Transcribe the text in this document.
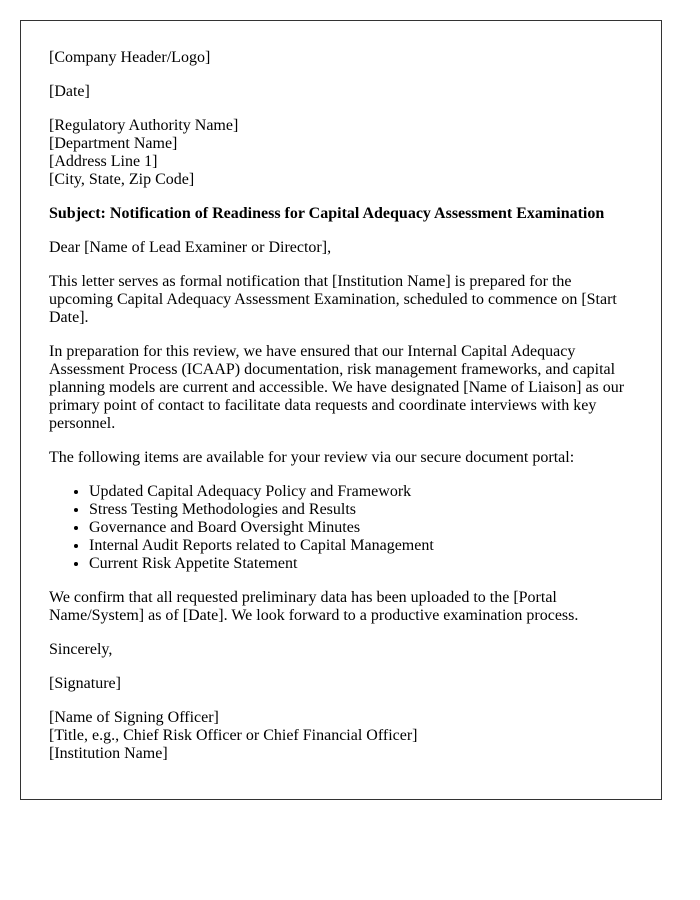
[Company Header/Logo]

[Date]

[Regulatory Authority Name]
[Department Name]
[Address Line 1]
[City, State, Zip Code]

Subject: Notification of Readiness for Capital Adequacy Assessment Examination

Dear [Name of Lead Examiner or Director],

This letter serves as formal notification that [Institution Name] is prepared for the upcoming Capital Adequacy Assessment Examination, scheduled to commence on [Start Date].

In preparation for this review, we have ensured that our Internal Capital Adequacy Assessment Process (ICAAP) documentation, risk management frameworks, and capital planning models are current and accessible. We have designated [Name of Liaison] as our primary point of contact to facilitate data requests and coordinate interviews with key personnel.

The following items are available for your review via our secure document portal:

• Updated Capital Adequacy Policy and Framework
• Stress Testing Methodologies and Results
• Governance and Board Oversight Minutes
• Internal Audit Reports related to Capital Management
• Current Risk Appetite Statement

We confirm that all requested preliminary data has been uploaded to the [Portal Name/System] as of [Date]. We look forward to a productive examination process.

Sincerely,

[Signature]

[Name of Signing Officer]
[Title, e.g., Chief Risk Officer or Chief Financial Officer]
[Institution Name]
